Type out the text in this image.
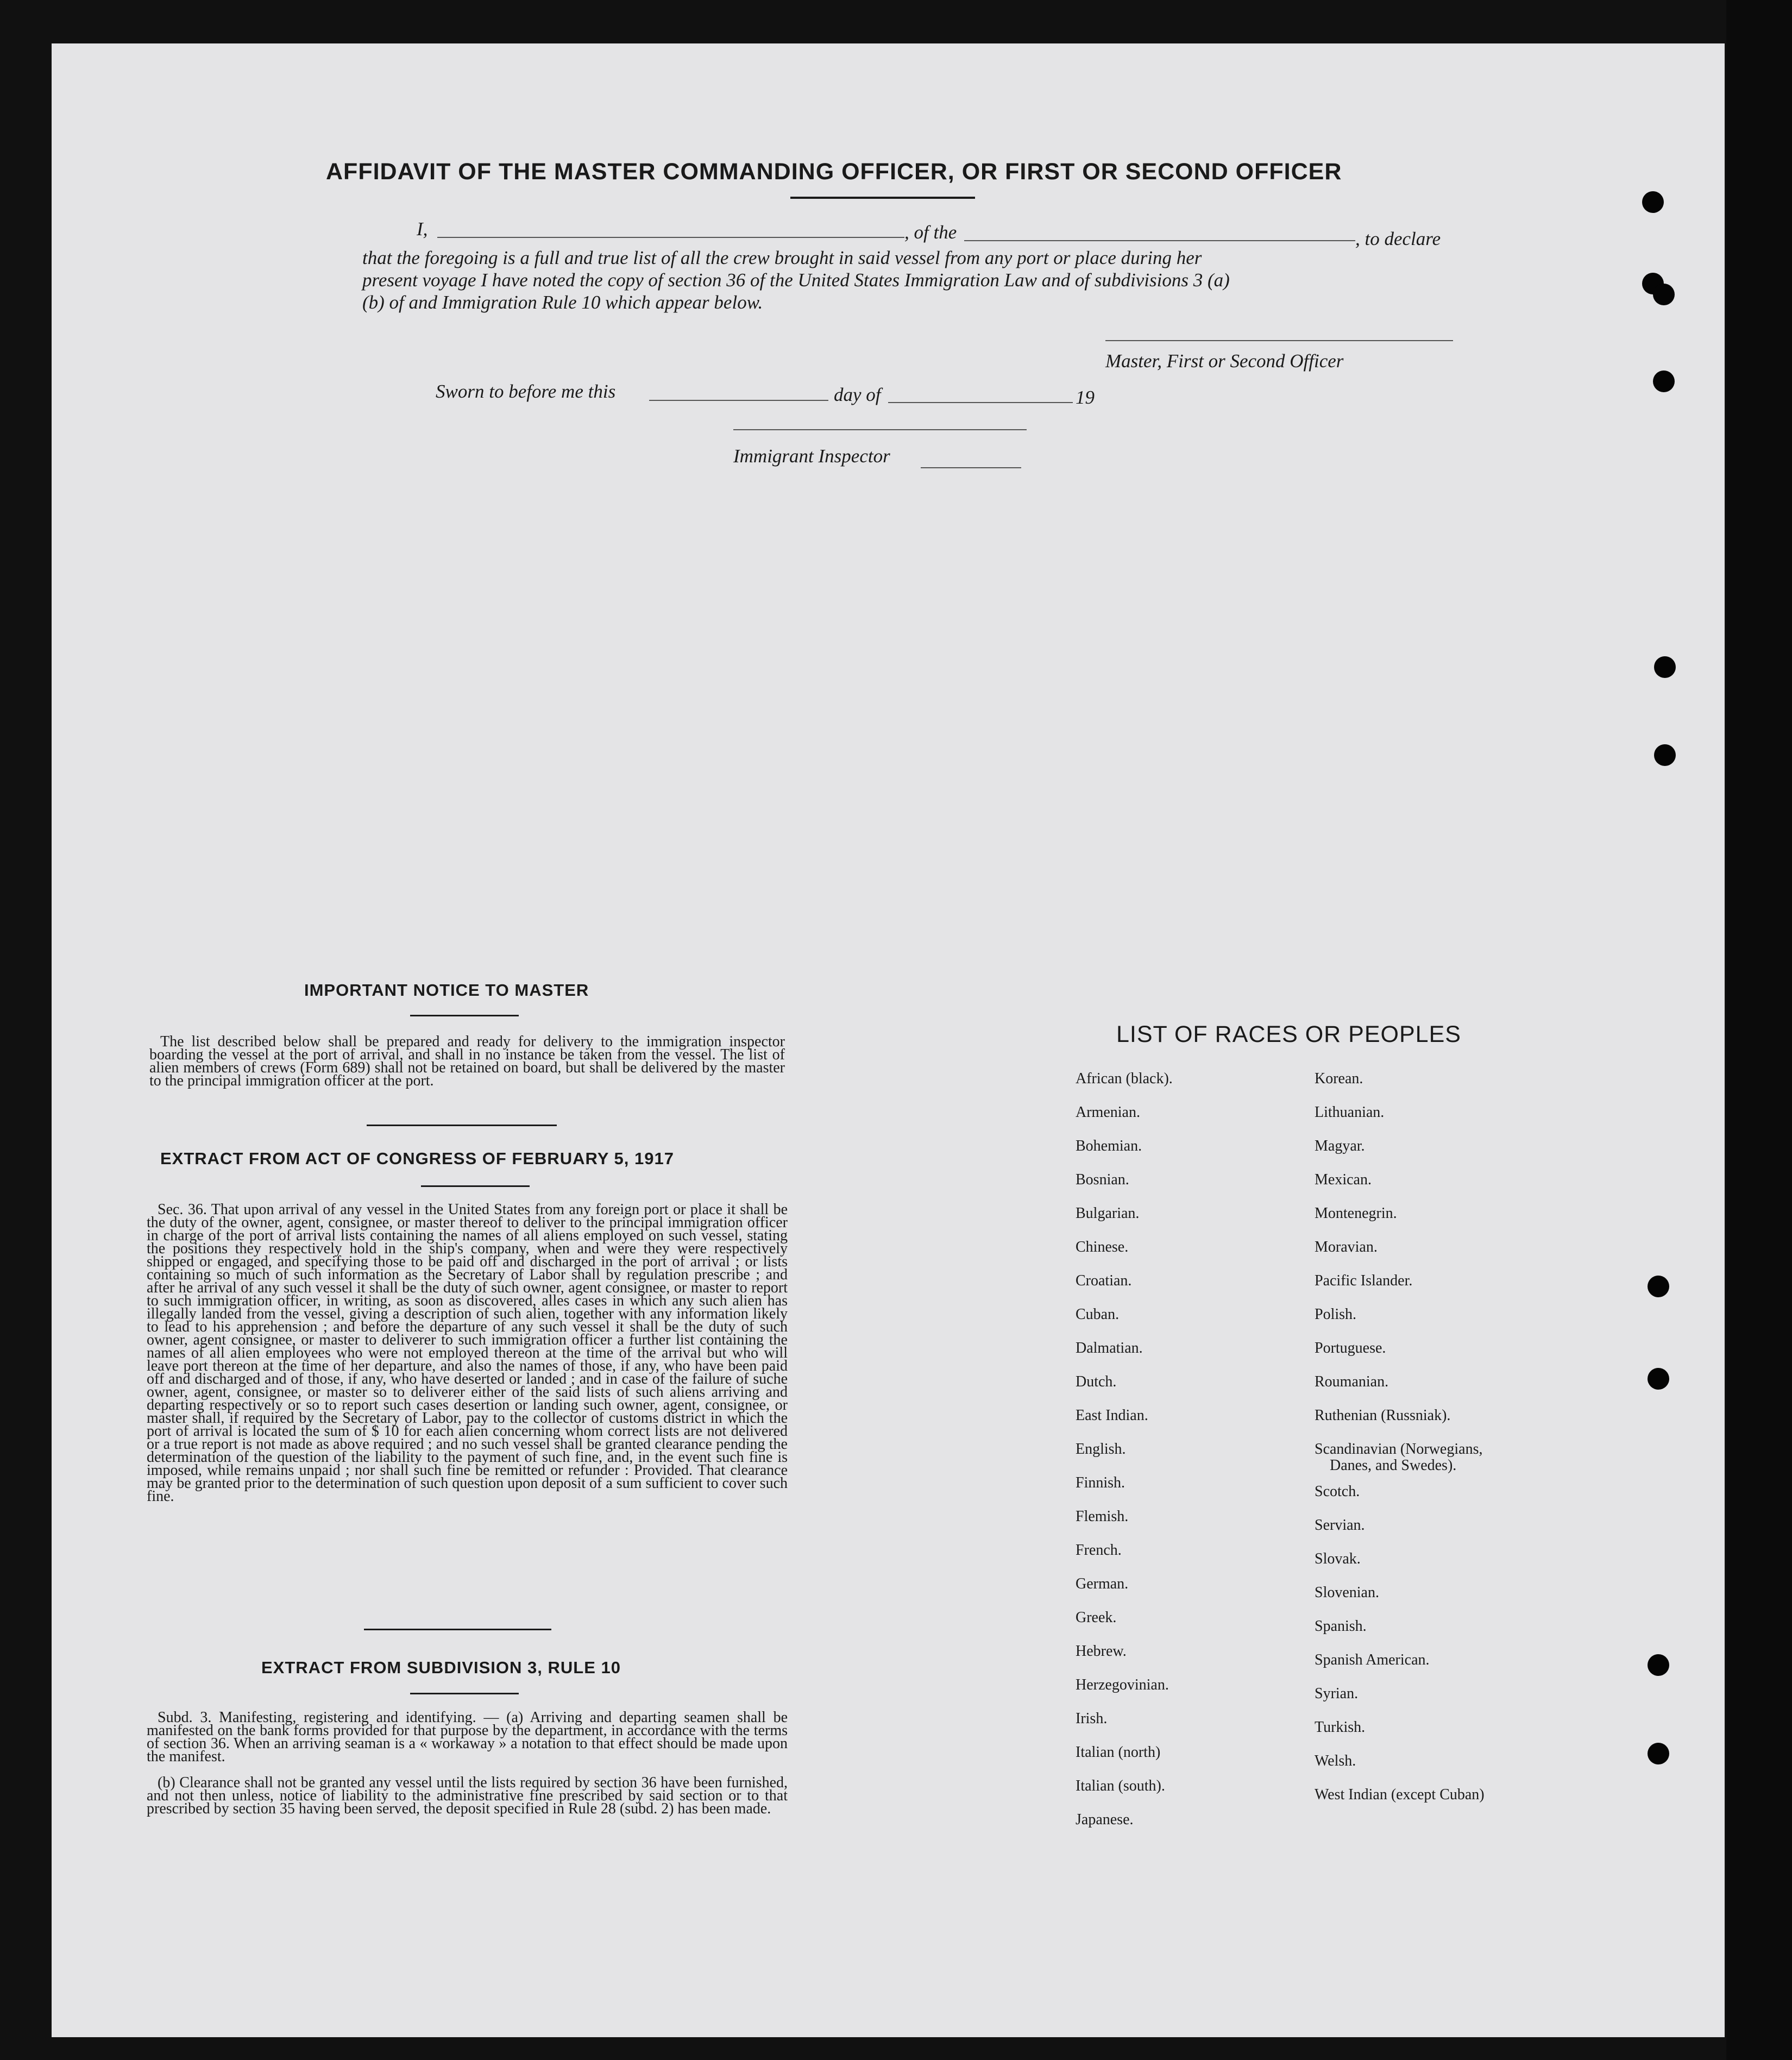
AFFIDAVIT OF THE MASTER COMMANDING OFFICER, OR FIRST OR SECOND OFFICER
I,	, of the	, to declare
that the foregoing is a full and true list of all the crew brought in said vessel from any port or place during her
present voyage I have noted the copy of section 36 of the United States Immigration Law and of subdivisions 3 (a)
(b) of and Immigration Rule 10 which appear below.
Master, First or Second Officer
Sworn to before me this	day of	19
Immigrant Inspector
IMPORTANT NOTICE TO MASTER
The list described below shall be prepared and ready for delivery to the immigration inspector boarding the vessel at the port of arrival, and shall in no instance be taken from the vessel. The list of alien members of crews (Form 689) shall not be retained on board, but shall be delivered by the master to the principal immigration officer at the port.
EXTRACT FROM ACT OF CONGRESS OF FEBRUARY 5, 1917
Sec. 36. That upon arrival of any vessel in the United States from any foreign port or place it shall be the duty of the owner, agent, consignee, or master thereof to deliver to the principal immigration officer in charge of the port of arrival lists containing the names of all aliens employed on such vessel, stating the positions they respectively hold in the ship's company, when and were they were respectively shipped or engaged, and specifying those to be paid off and discharged in the port of arrival ; or lists containing so much of such information as the Secretary of Labor shall by regulation prescribe ; and after he arrival of any such vessel it shall be the duty of such owner, agent consignee, or master to report to such immigration officer, in writing, as soon as discovered, alles cases in which any such alien has illegally landed from the vessel, giving a description of such alien, together with any information likely to lead to his apprehension ; and before the departure of any such vessel it shall be the duty of such owner, agent consignee, or master to deliverer to such immigration officer a further list containing the names of all alien employees who were not employed thereon at the time of the arrival but who will leave port thereon at the time of her departure, and also the names of those, if any, who have been paid off and discharged and of those, if any, who have deserted or landed ; and in case of the failure of suche owner, agent, consignee, or master so to deliverer either of the said lists of such aliens arriving and departing respectively or so to report such cases desertion or landing such owner, agent, consignee, or master shall, if required by the Secretary of Labor, pay to the collector of customs district in which the port of arrival is located the sum of $ 10 for each alien concerning whom correct lists are not delivered or a true report is not made as above required ; and no such vessel shall be granted clearance pending the determination of the question of the liability to the payment of such fine, and, in the event such fine is imposed, while remains unpaid ; nor shall such fine be remitted or refunder : Provided. That clearance may be granted prior to the determination of such question upon deposit of a sum sufficient to cover such fine.
EXTRACT FROM SUBDIVISION 3, RULE 10
Subd. 3. Manifesting, registering and identifying. — (a) Arriving and departing seamen shall be manifested on the bank forms provided for that purpose by the department, in accordance with the terms of section 36. When an arriving seaman is a « workaway » a notation to that effect should be made upon the manifest.
(b) Clearance shall not be granted any vessel until the lists required by section 36 have been furnished, and not then unless, notice of liability to the administrative fine prescribed by said section or to that prescribed by section 35 having been served, the deposit specified in Rule 28 (subd. 2) has been made.
LIST OF RACES OR PEOPLES
African (black).
Armenian.
Bohemian.
Bosnian.
Bulgarian.
Chinese.
Croatian.
Cuban.
Dalmatian.
Dutch.
East Indian.
English.
Finnish.
Flemish.
French.
German.
Greek.
Hebrew.
Herzegovinian.
Irish.
Italian (north)
Italian (south).
Japanese.
Korean.
Lithuanian.
Magyar.
Mexican.
Montenegrin.
Moravian.
Pacific Islander.
Polish.
Portuguese.
Roumanian.
Ruthenian (Russniak).
Scandinavian (Norwegians,
Danes, and Swedes).
Scotch.
Servian.
Slovak.
Slovenian.
Spanish.
Spanish American.
Syrian.
Turkish.
Welsh.
West Indian (except Cuban)
